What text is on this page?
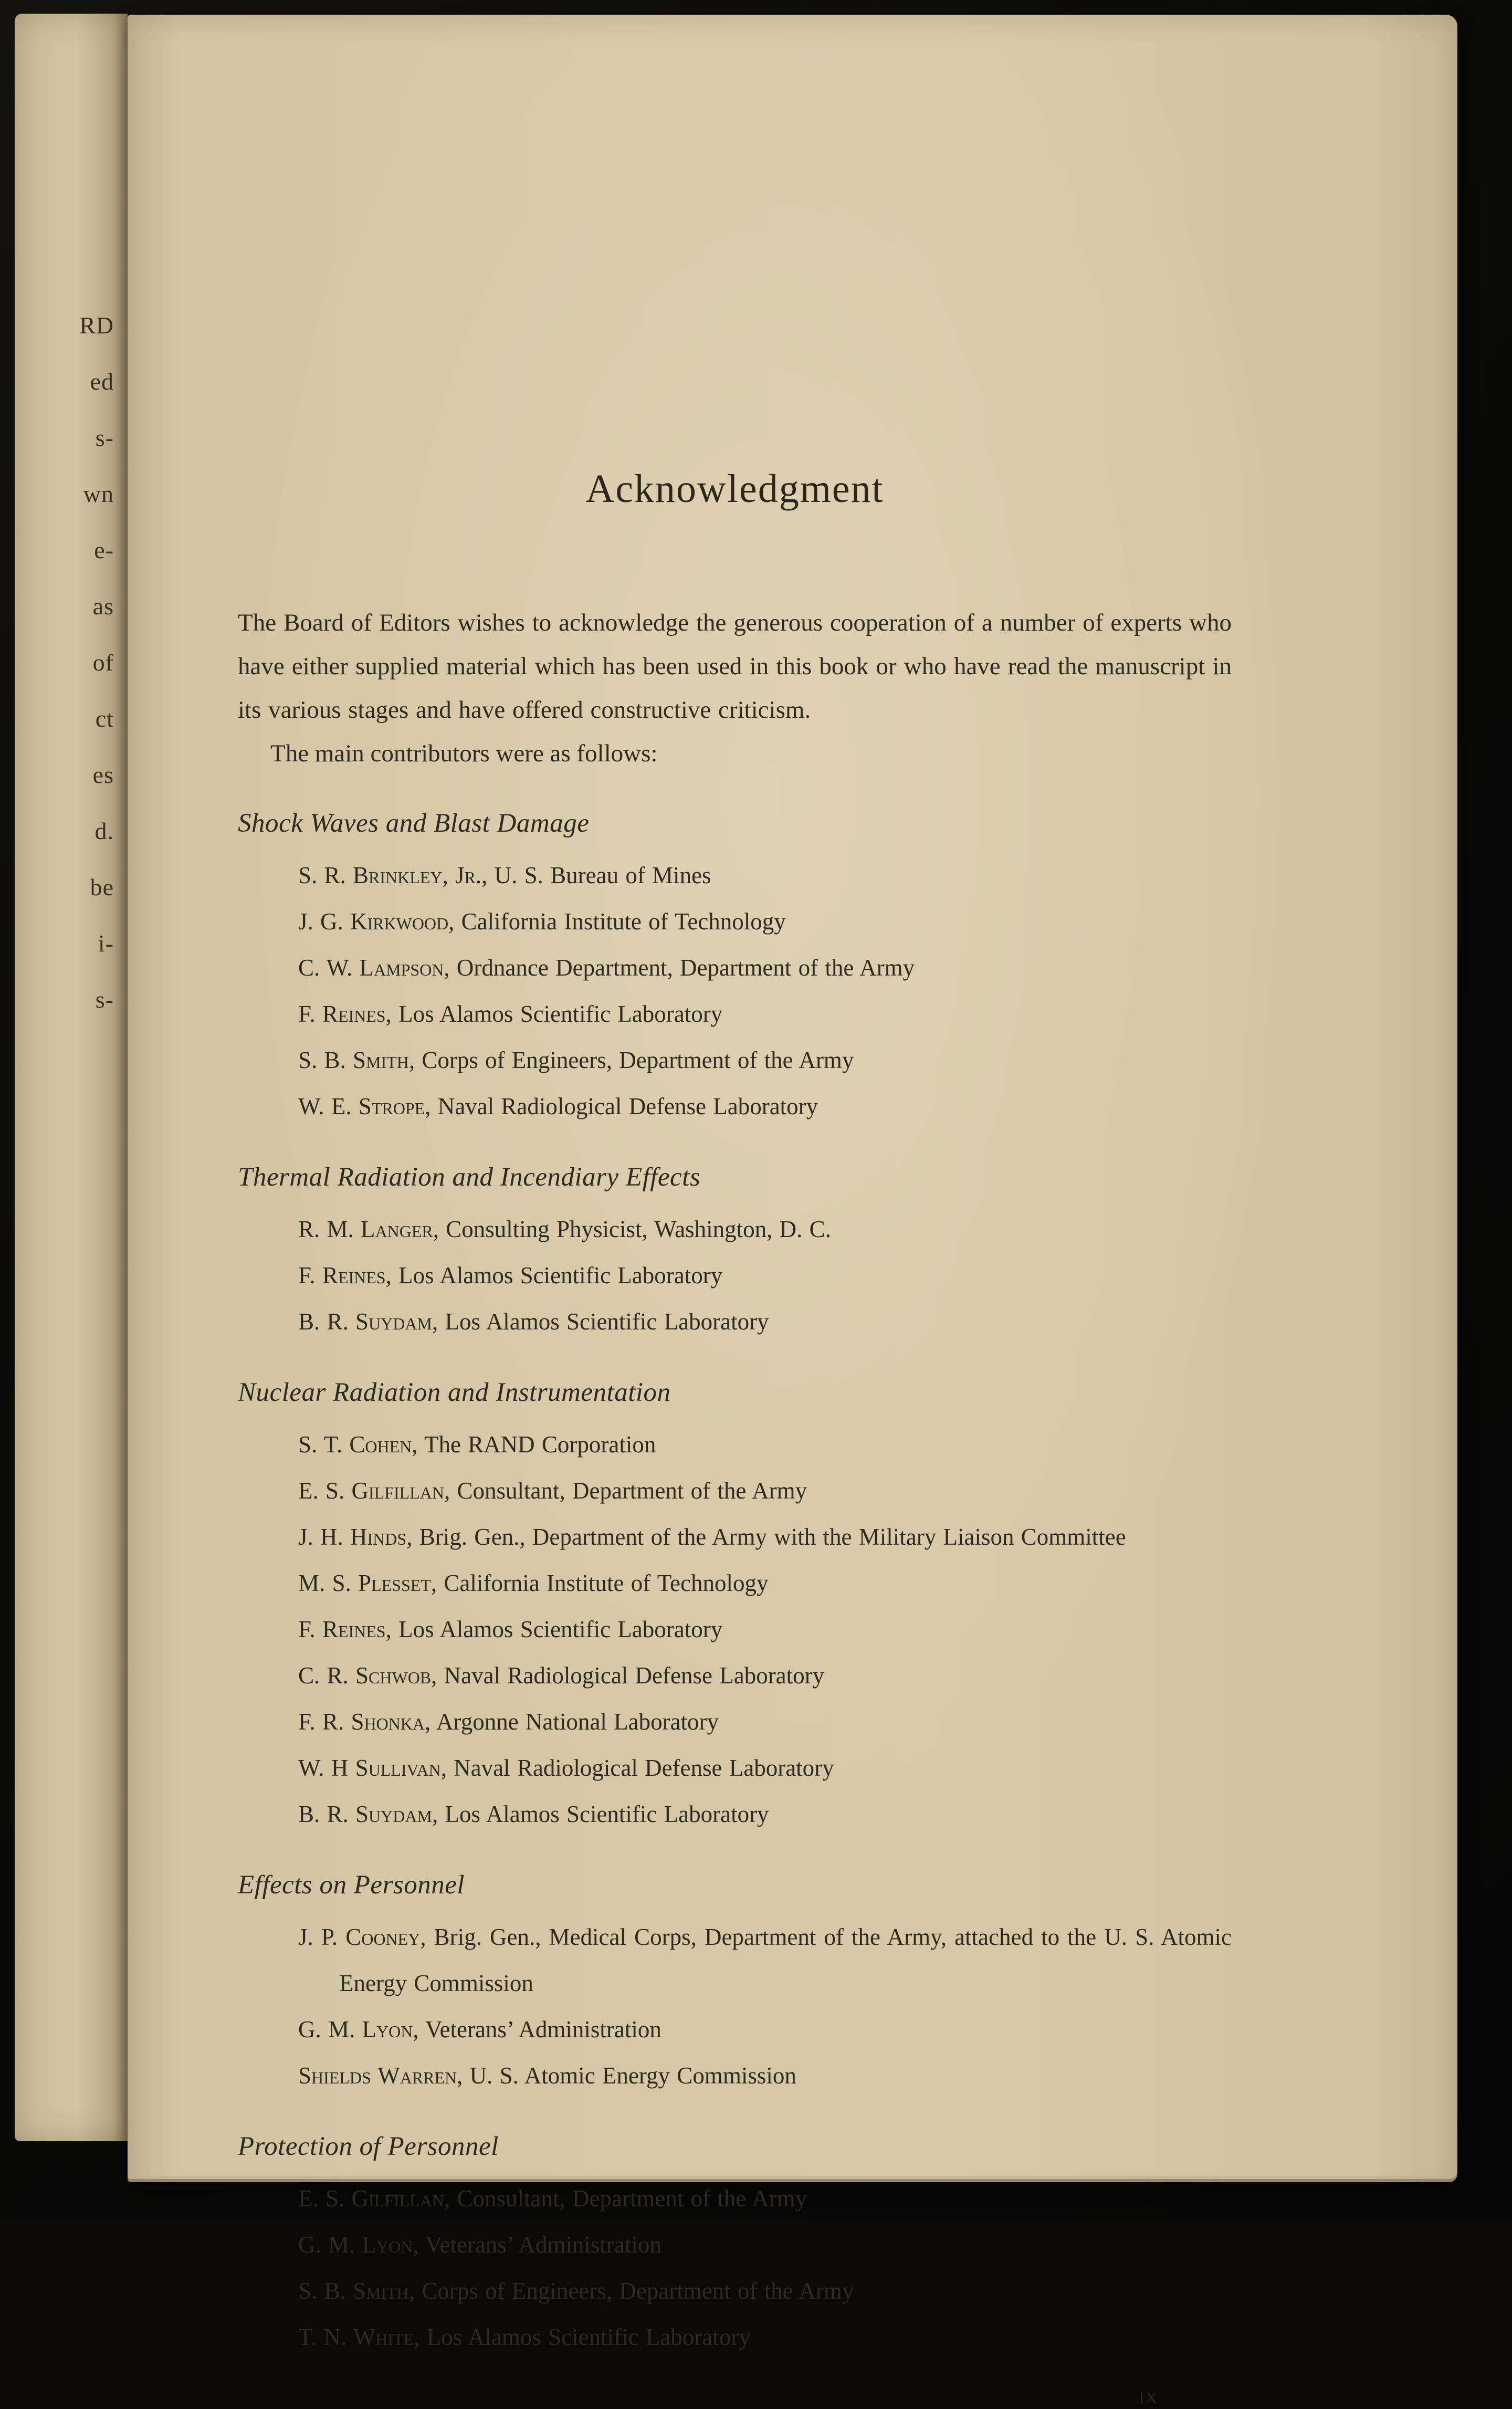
RD
ed
s-
wn
e-
as
of
ct
es
d.
be
i-
s-
Acknowledgment

The Board of Editors wishes to acknowledge the generous cooperation of a number of experts who have either supplied material which has been used in this book or who have read the manuscript in its various stages and have offered constructive criticism.

The main contributors were as follows:

Shock Waves and Blast Damage
S. R. Brinkley, Jr., U. S. Bureau of Mines
J. G. Kirkwood, California Institute of Technology
C. W. Lampson, Ordnance Department, Department of the Army
F. Reines, Los Alamos Scientific Laboratory
S. B. Smith, Corps of Engineers, Department of the Army
W. E. Strope, Naval Radiological Defense Laboratory
Thermal Radiation and Incendiary Effects
R. M. Langer, Consulting Physicist, Washington, D. C.
F. Reines, Los Alamos Scientific Laboratory
B. R. Suydam, Los Alamos Scientific Laboratory
Nuclear Radiation and Instrumentation
S. T. Cohen, The RAND Corporation
E. S. Gilfillan, Consultant, Department of the Army
J. H. Hinds, Brig. Gen., Department of the Army with the Military Liaison Committee
M. S. Plesset, California Institute of Technology
F. Reines, Los Alamos Scientific Laboratory
C. R. Schwob, Naval Radiological Defense Laboratory
F. R. Shonka, Argonne National Laboratory
W. H Sullivan, Naval Radiological Defense Laboratory
B. R. Suydam, Los Alamos Scientific Laboratory
Effects on Personnel
J. P. Cooney, Brig. Gen., Medical Corps, Department of the Army, attached to the U. S. Atomic Energy Commission
G. M. Lyon, Veterans’ Administration
Shields Warren, U. S. Atomic Energy Commission
Protection of Personnel
E. S. Gilfillan, Consultant, Department of the Army
G. M. Lyon, Veterans’ Administration
S. B. Smith, Corps of Engineers, Department of the Army
T. N. White, Los Alamos Scientific Laboratory
ix
